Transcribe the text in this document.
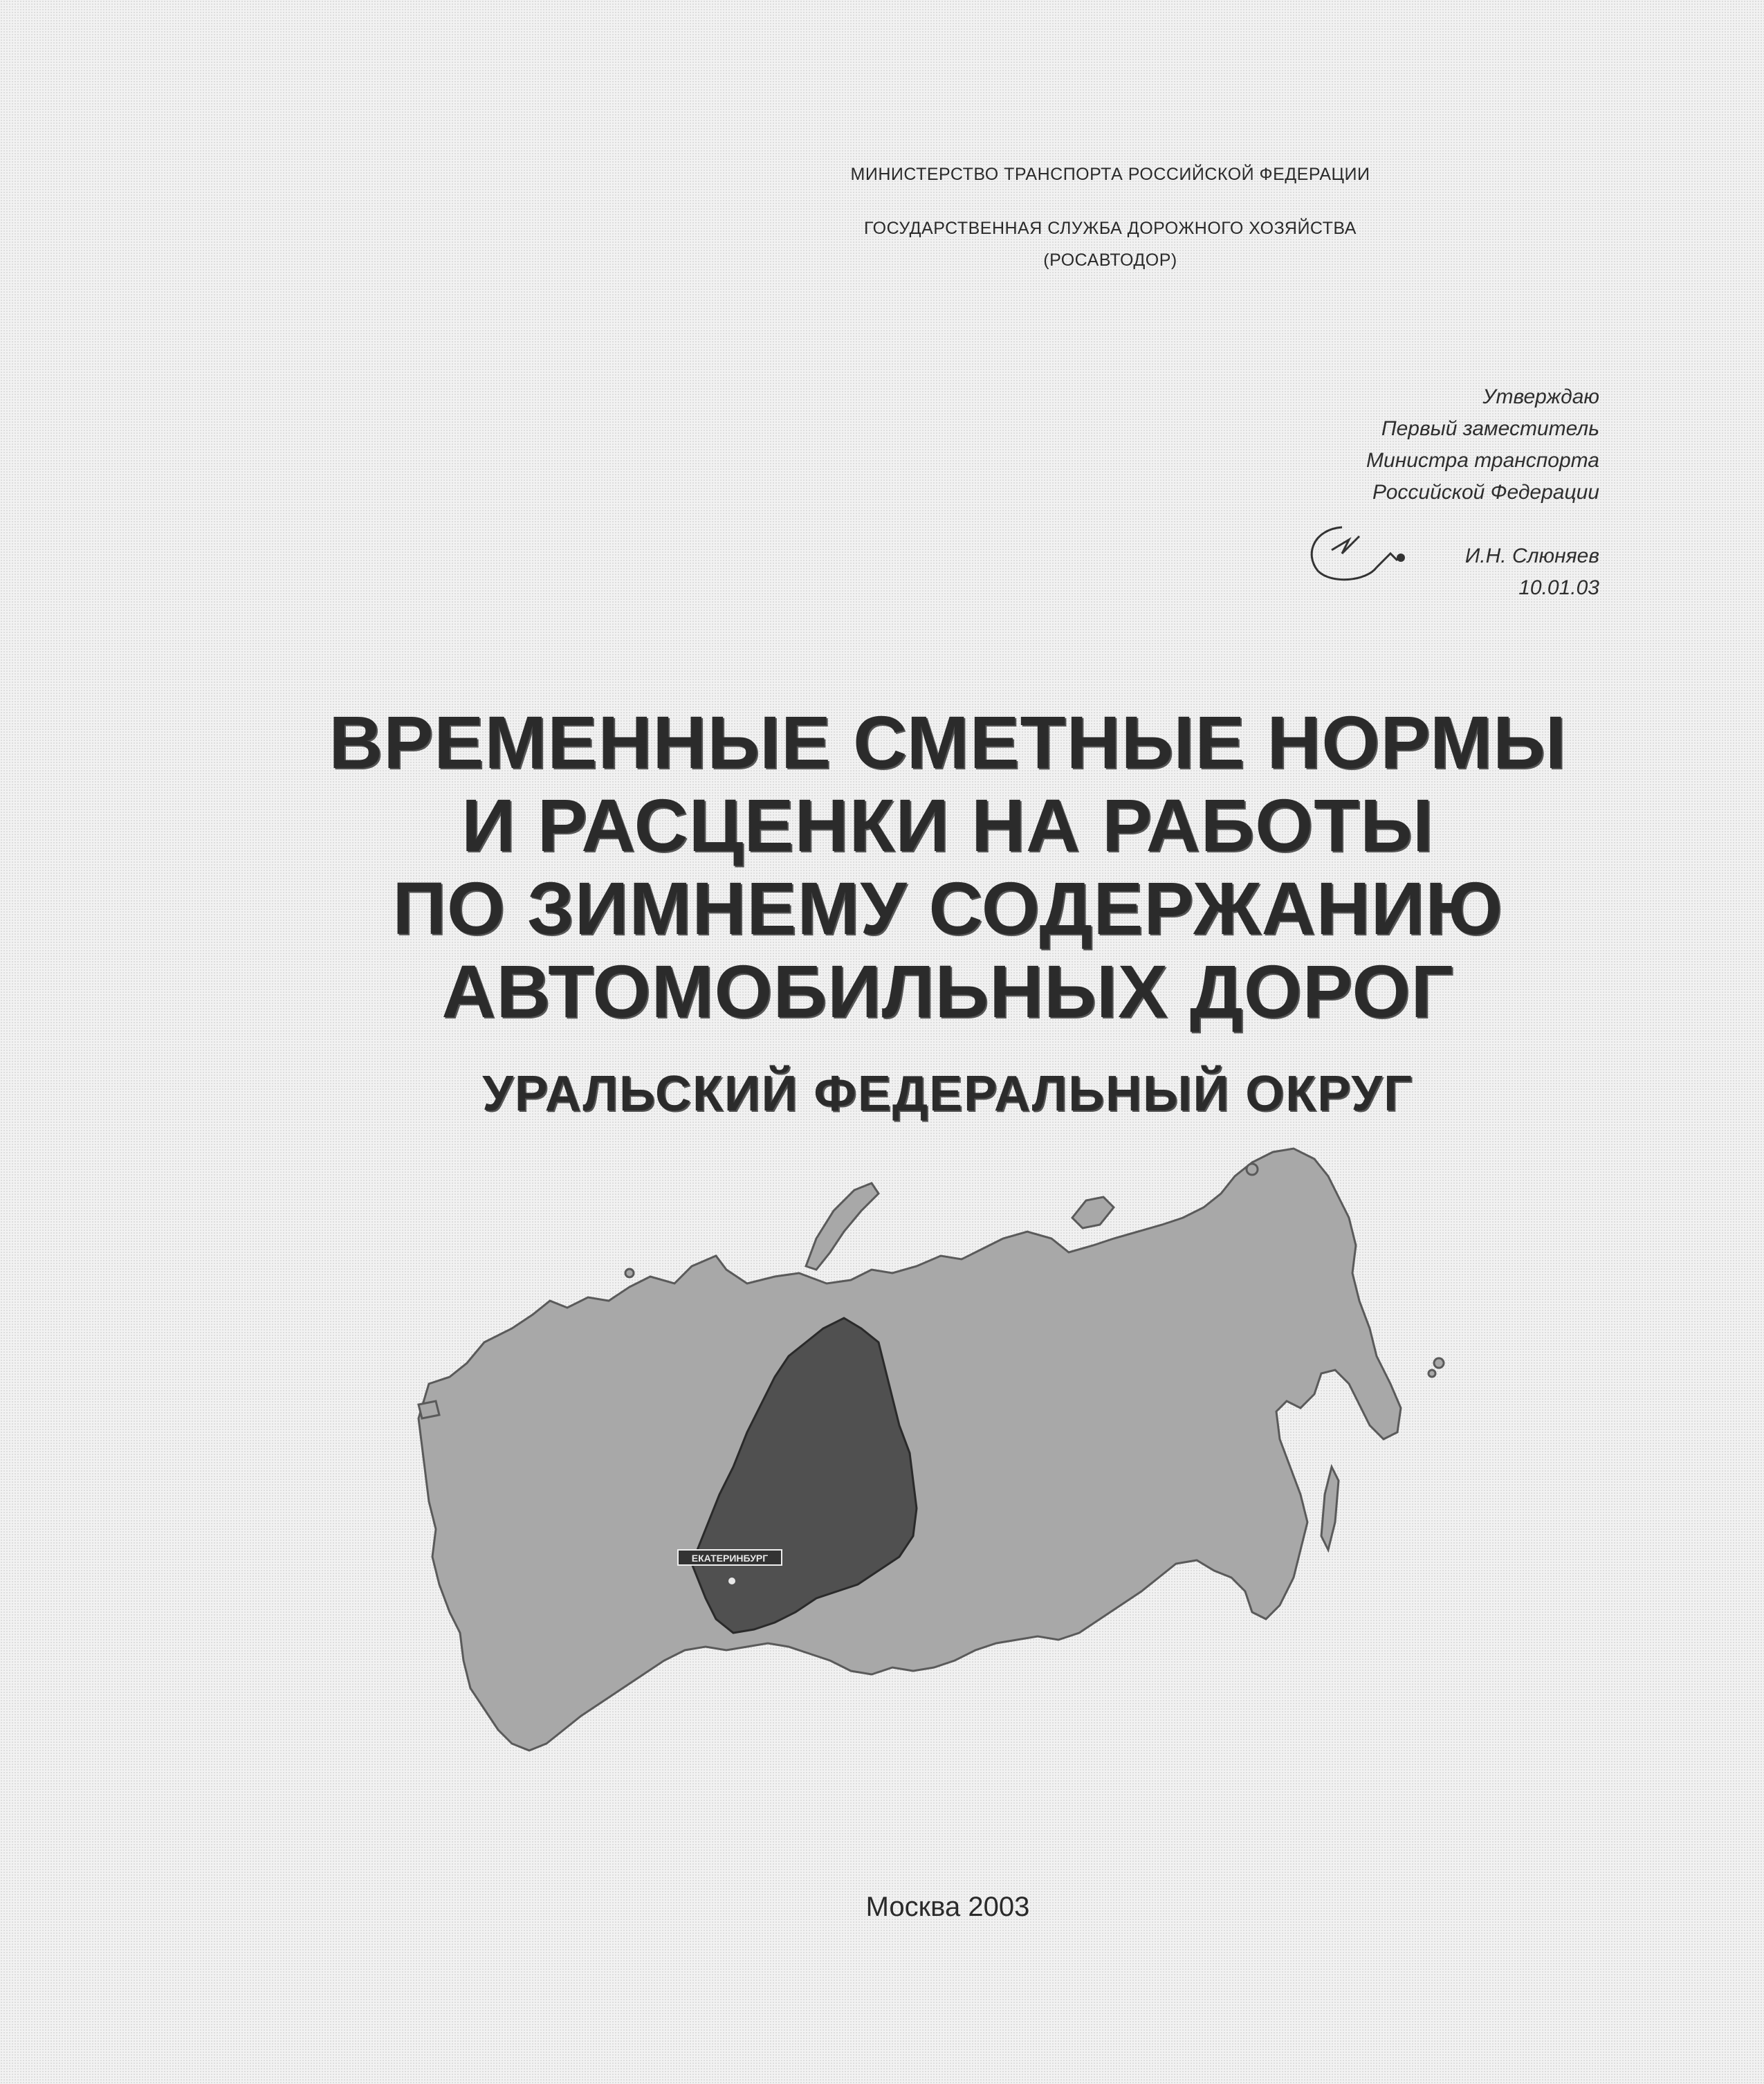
МИНИСТЕРСТВО ТРАНСПОРТА РОССИЙСКОЙ ФЕДЕРАЦИИ
ГОСУДАРСТВЕННАЯ СЛУЖБА ДОРОЖНОГО ХОЗЯЙСТВА
(РОСАВТОДОР)
Утверждаю
Первый заместитель
Министра транспорта
Российской Федерации
И.Н. Слюняев
10.01.03
ВРЕМЕННЫЕ СМЕТНЫЕ НОРМЫ
И РАСЦЕНКИ НА РАБОТЫ
ПО ЗИМНЕМУ СОДЕРЖАНИЮ
АВТОМОБИЛЬНЫХ ДОРОГ
УРАЛЬСКИЙ ФЕДЕРАЛЬНЫЙ ОКРУГ
ЕКАТЕРИНБУРГ
Москва 2003
